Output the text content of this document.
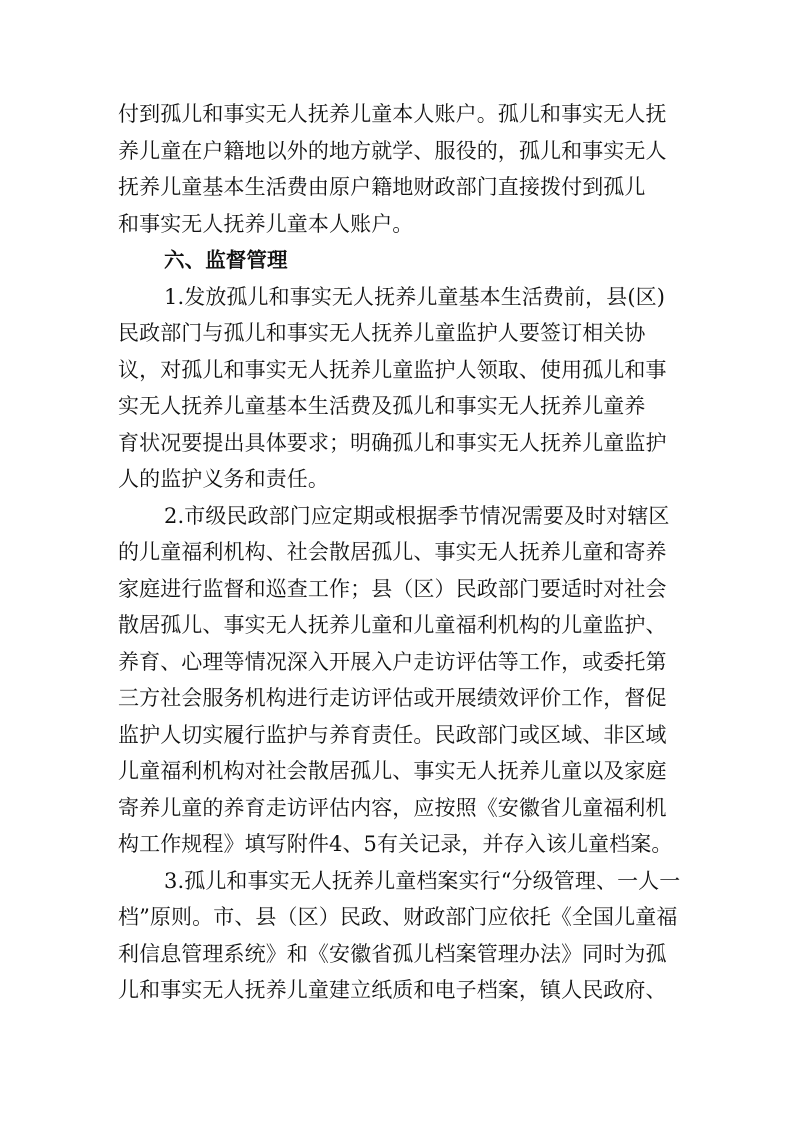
付到孤儿和事实无人抚养儿童本人账户。孤儿和事实无人抚
养儿童在户籍地以外的地方就学、服役的，孤儿和事实无人
抚养儿童基本生活费由原户籍地财政部门直接拨付到孤儿
和事实无人抚养儿童本人账户。
六、监督管理
1.发放孤儿和事实无人抚养儿童基本生活费前，县(区)
民政部门与孤儿和事实无人抚养儿童监护人要签订相关协
议，对孤儿和事实无人抚养儿童监护人领取、使用孤儿和事
实无人抚养儿童基本生活费及孤儿和事实无人抚养儿童养
育状况要提出具体要求；明确孤儿和事实无人抚养儿童监护
人的监护义务和责任。
2.市级民政部门应定期或根据季节情况需要及时对辖区
的儿童福利机构、社会散居孤儿、事实无人抚养儿童和寄养
家庭进行监督和巡查工作；县（区）民政部门要适时对社会
散居孤儿、事实无人抚养儿童和儿童福利机构的儿童监护、
养育、心理等情况深入开展入户走访评估等工作，或委托第
三方社会服务机构进行走访评估或开展绩效评价工作，督促
监护人切实履行监护与养育责任。民政部门或区域、非区域
儿童福利机构对社会散居孤儿、事实无人抚养儿童以及家庭
寄养儿童的养育走访评估内容，应按照《安徽省儿童福利机
构工作规程》填写附件4、5有关记录，并存入该儿童档案。
3.孤儿和事实无人抚养儿童档案实行“分级管理、一人一
档”原则。市、县（区）民政、财政部门应依托《全国儿童福
利信息管理系统》和《安徽省孤儿档案管理办法》同时为孤
儿和事实无人抚养儿童建立纸质和电子档案，镇人民政府、
